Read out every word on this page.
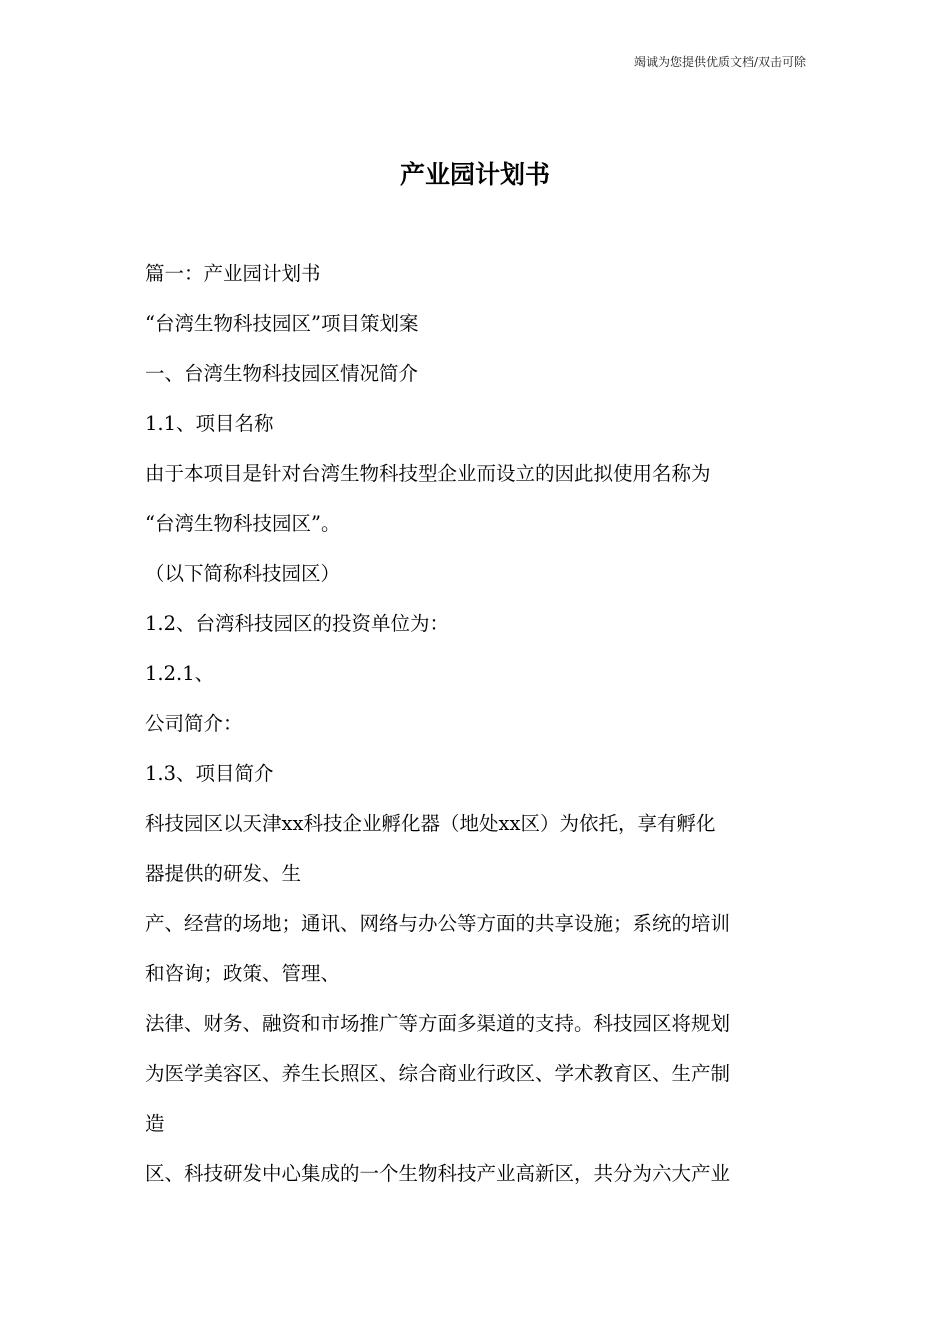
竭诚为您提供优质文档/双击可除
产业园计划书
篇一：产业园计划书
“台湾生物科技园区”项目策划案
一、台湾生物科技园区情况简介
1.1、项目名称
由于本项目是针对台湾生物科技型企业而设立的因此拟使用名称为
“台湾生物科技园区”。
（以下简称科技园区）
1.2、台湾科技园区的投资单位为：
1.2.1、
公司简介：
1.3、项目简介
科技园区以天津xx科技企业孵化器（地处xx区）为依托，享有孵化
器提供的研发、生
产、经营的场地；通讯、网络与办公等方面的共享设施；系统的培训
和咨询；政策、管理、
法律、财务、融资和市场推广等方面多渠道的支持。科技园区将规划
为医学美容区、养生长照区、综合商业行政区、学术教育区、生产制
造
区、科技研发中心集成的一个生物科技产业高新区，共分为六大产业
